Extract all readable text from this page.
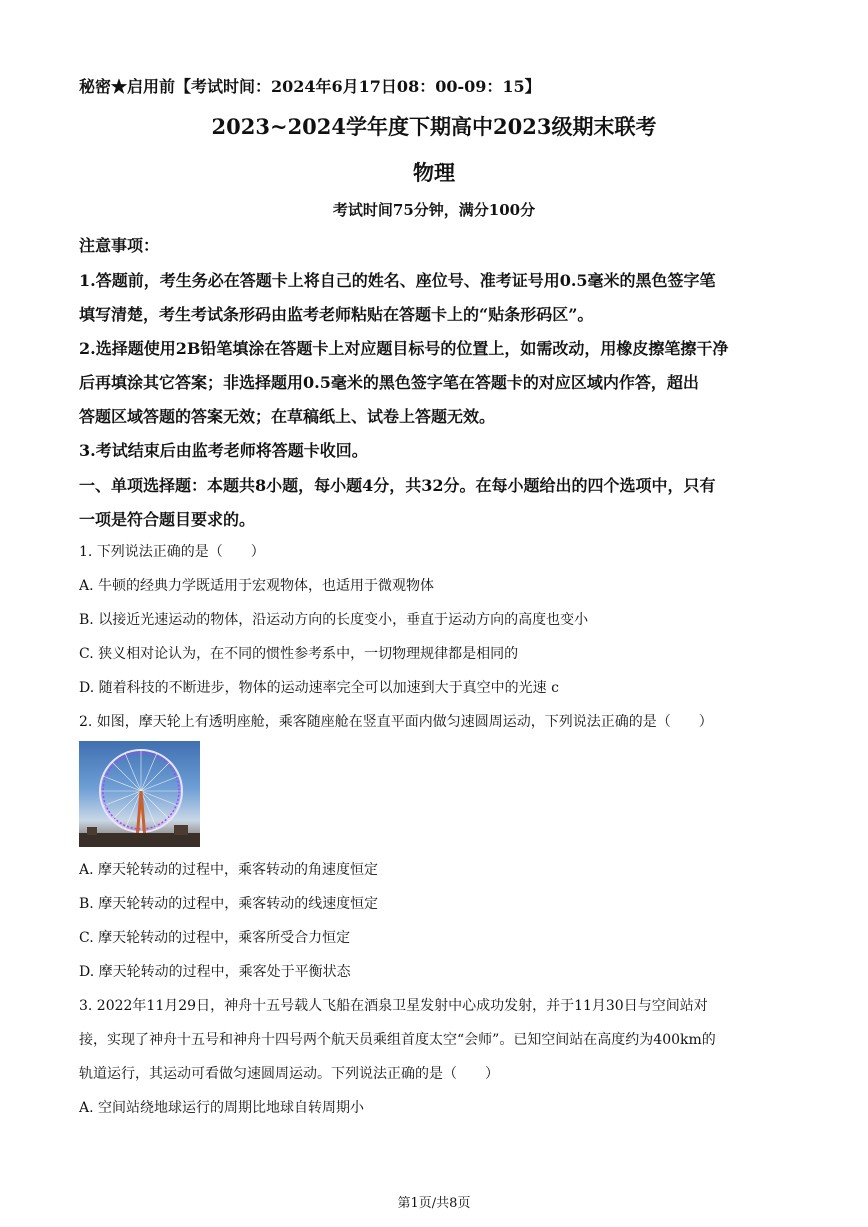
秘密★启用前【考试时间：2024年6月17日08：00-09：15】
2023~2024学年度下期高中2023级期末联考
物理
考试时间75分钟，满分100分
注意事项：
1.答题前，考生务必在答题卡上将自己的姓名、座位号、准考证号用0.5毫米的黑色签字笔
填写清楚，考生考试条形码由监考老师粘贴在答题卡上的“贴条形码区”。
2.选择题使用2B铅笔填涂在答题卡上对应题目标号的位置上，如需改动，用橡皮擦笔擦干净
后再填涂其它答案；非选择题用0.5毫米的黑色签字笔在答题卡的对应区域内作答，超出
答题区域答题的答案无效；在草稿纸上、试卷上答题无效。
3.考试结束后由监考老师将答题卡收回。
一、单项选择题：本题共8小题，每小题4分，共32分。在每小题给出的四个选项中，只有
一项是符合题目要求的。
1. 下列说法正确的是（　　）
A. 牛顿的经典力学既适用于宏观物体，也适用于微观物体
B. 以接近光速运动的物体，沿运动方向的长度变小，垂直于运动方向的高度也变小
C. 狭义相对论认为，在不同的惯性参考系中，一切物理规律都是相同的
D. 随着科技的不断进步，物体的运动速率完全可以加速到大于真空中的光速 c
2. 如图，摩天轮上有透明座舱，乘客随座舱在竖直平面内做匀速圆周运动，下列说法正确的是（　　）
A. 摩天轮转动的过程中，乘客转动的角速度恒定
B. 摩天轮转动的过程中，乘客转动的线速度恒定
C. 摩天轮转动的过程中，乘客所受合力恒定
D. 摩天轮转动的过程中，乘客处于平衡状态
3. 2022年11月29日，神舟十五号载人飞船在酒泉卫星发射中心成功发射，并于11月30日与空间站对
接，实现了神舟十五号和神舟十四号两个航天员乘组首度太空“会师”。已知空间站在高度约为400km的
轨道运行，其运动可看做匀速圆周运动。下列说法正确的是（　　）
A. 空间站绕地球运行的周期比地球自转周期小
第1页/共8页
